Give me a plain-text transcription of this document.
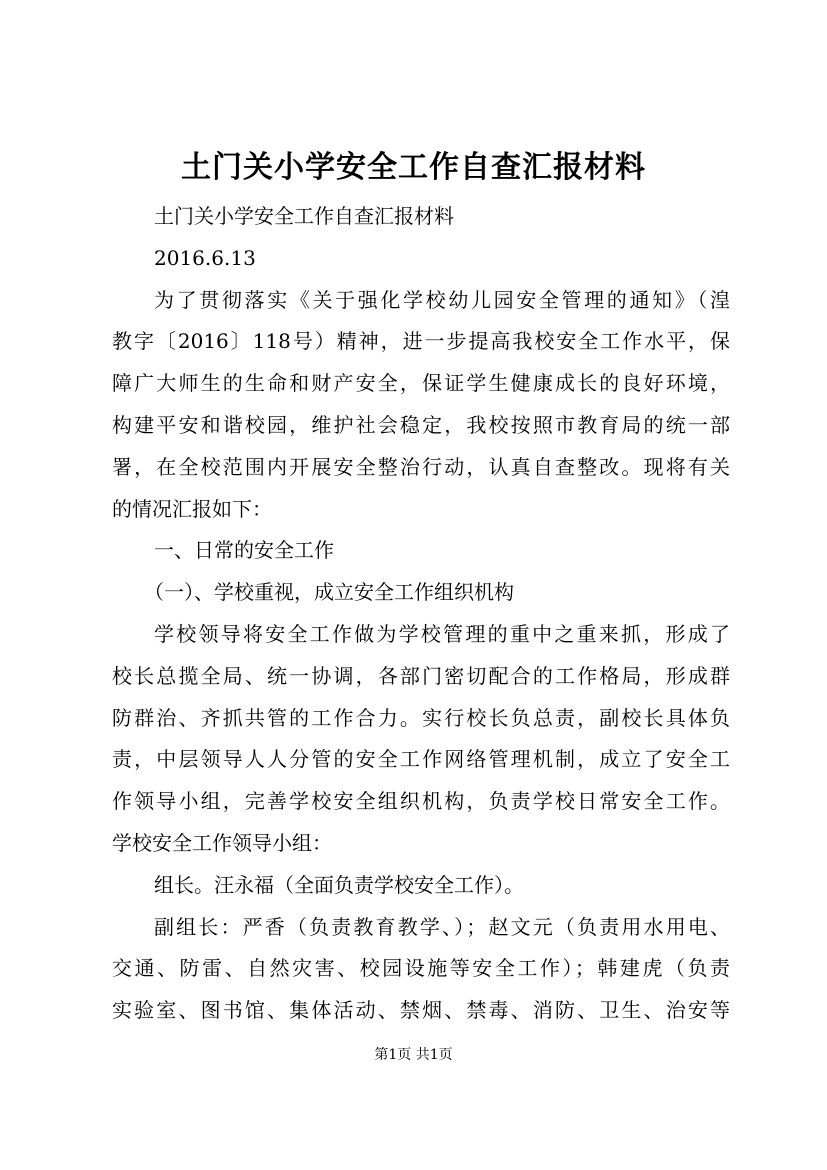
土门关小学安全工作自查汇报材料
土门关小学安全工作自查汇报材料
2016.6.13
为了贯彻落实《关于强化学校幼儿园安全管理的通知》（湟
教字〔2016〕118号）精神，进一步提高我校安全工作水平，保
障广大师生的生命和财产安全，保证学生健康成长的良好环境，
构建平安和谐校园，维护社会稳定，我校按照市教育局的统一部
署，在全校范围内开展安全整治行动，认真自查整改。现将有关
的情况汇报如下：
一、日常的安全工作
（一）、学校重视，成立安全工作组织机构
学校领导将安全工作做为学校管理的重中之重来抓，形成了
校长总揽全局、统一协调，各部门密切配合的工作格局，形成群
防群治、齐抓共管的工作合力。实行校长负总责，副校长具体负
责，中层领导人人分管的安全工作网络管理机制，成立了安全工
作领导小组，完善学校安全组织机构，负责学校日常安全工作。
学校安全工作领导小组：
组长。汪永福（全面负责学校安全工作）。
副组长：严香（负责教育教学、）；赵文元（负责用水用电、
交通、防雷、自然灾害、校园设施等安全工作）；韩建虎（负责
实验室、图书馆、集体活动、禁烟、禁毒、消防、卫生、治安等
第1页 共1页
